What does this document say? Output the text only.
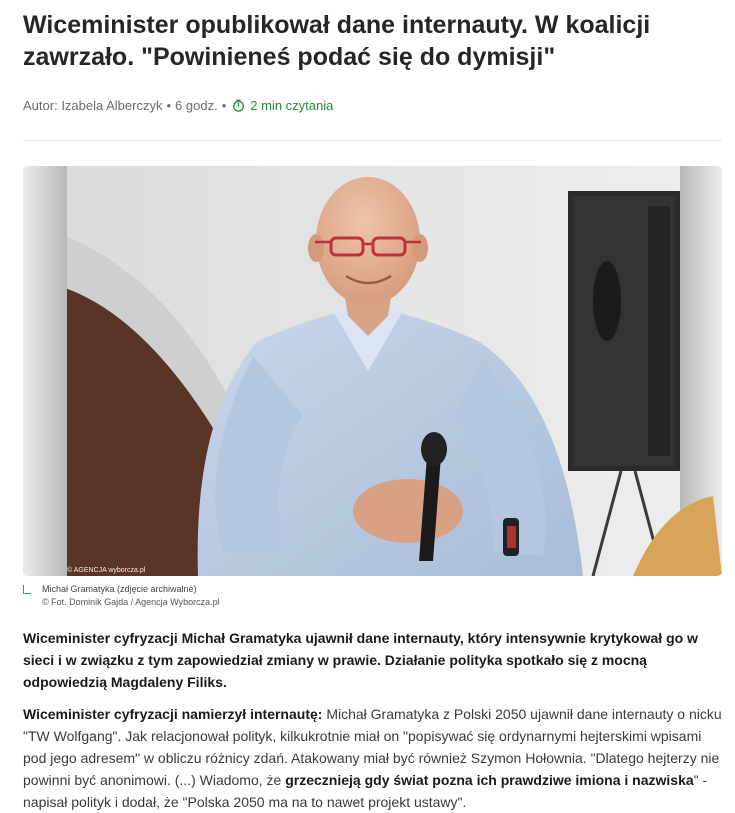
Wiceminister opublikował dane internauty. W koalicji zawrzało. "Powinieneś podać się do dymisji"
Autor:
Izabela Alberczyk • 6 godz. • 2 min czytania
© AGENCJA wyborcza.pl
Michał Gramatyka (zdjęcie archiwalne)
© Fot. Dominik Gajda / Agencja Wyborcza.pl

Wiceminister cyfryzacji Michał Gramatyka ujawnił dane internauty, który intensywnie krytykował go w sieci i w związku z tym zapowiedział zmiany w prawie. Działanie polityka spotkało się z mocną odpowiedzią Magdaleny Filiks.

Wiceminister cyfryzacji namierzył internautę: Michał Gramatyka z Polski 2050 ujawnił dane internauty o nicku "TW Wolfgang". Jak relacjonował polityk, kilkukrotnie miał on "popisywać się ordynarnymi hejterskimi wpisami pod jego adresem" w obliczu różnicy zdań. Atakowany miał być również Szymon Hołownia. "Dlatego hejterzy nie powinni być anonimowi. (...) Wiadomo, że grzecznieją gdy świat pozna ich prawdziwe imiona i nazwiska" - napisał polityk i dodał, że "Polska 2050 ma na to nawet projekt ustawy".
